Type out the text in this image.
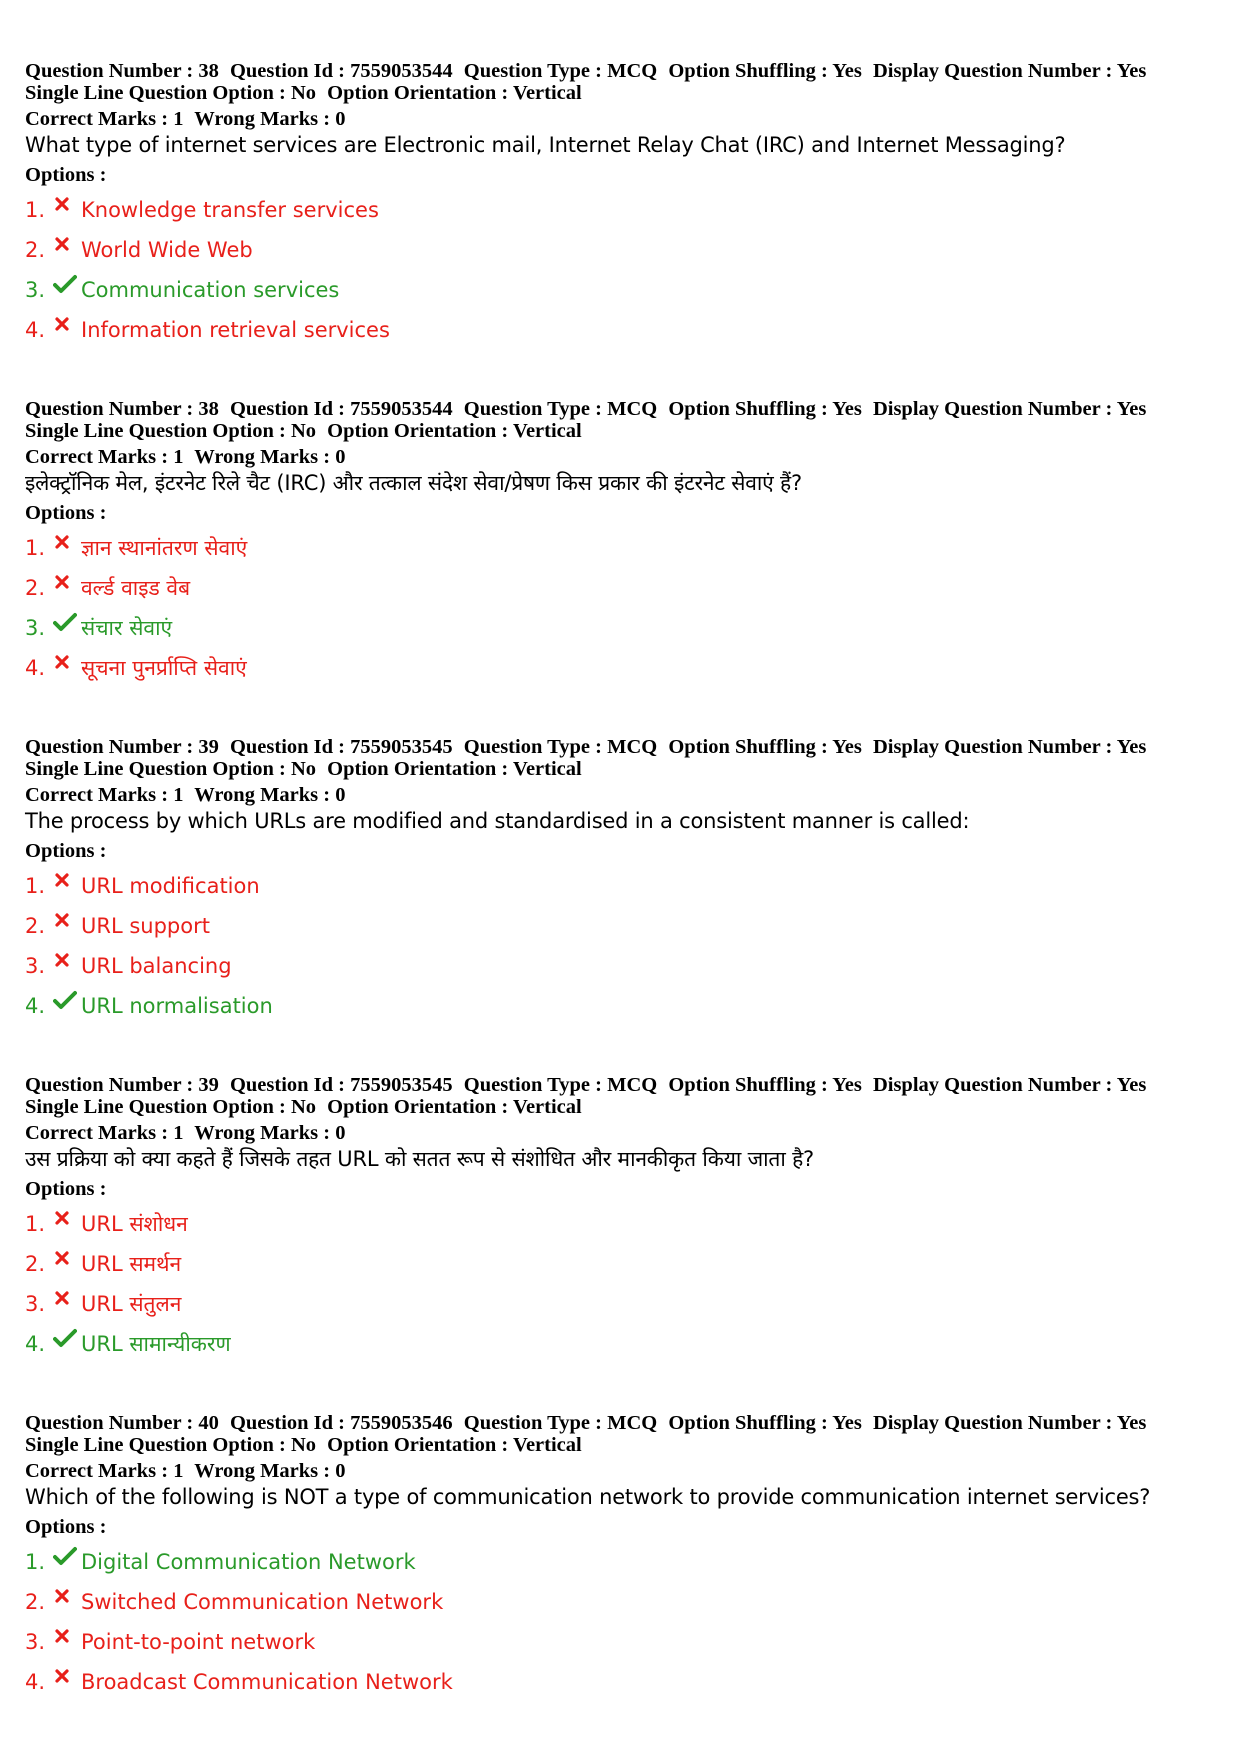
Question Number : 38 Question Id : 7559053544 Question Type : MCQ Option Shuffling : Yes Display Question Number : Yes
Single Line Question Option : No Option Orientation : Vertical
Correct Marks : 1 Wrong Marks : 0
What type of internet services are Electronic mail, Internet Relay Chat (IRC) and Internet Messaging?
Options :
1.	Knowledge transfer services
2.	World Wide Web
3.	Communication services
4.	Information retrieval services
Question Number : 38 Question Id : 7559053544 Question Type : MCQ Option Shuffling : Yes Display Question Number : Yes
Single Line Question Option : No Option Orientation : Vertical
Correct Marks : 1 Wrong Marks : 0
इलेक्ट्रॉनिक मेल, इंटरनेट रिले चैट (IRC) और तत्काल संदेश सेवा/प्रेषण किस प्रकार की इंटरनेट सेवाएं हैं?
Options :
1.	ज्ञान स्थानांतरण सेवाएं
2.	वर्ल्ड वाइड वेब
3.	संचार सेवाएं
4.	सूचना पुनर्प्राप्ति सेवाएं
Question Number : 39 Question Id : 7559053545 Question Type : MCQ Option Shuffling : Yes Display Question Number : Yes
Single Line Question Option : No Option Orientation : Vertical
Correct Marks : 1 Wrong Marks : 0
The process by which URLs are modified and standardised in a consistent manner is called:
Options :
1.	URL modification
2.	URL support
3.	URL balancing
4.	URL normalisation
Question Number : 39 Question Id : 7559053545 Question Type : MCQ Option Shuffling : Yes Display Question Number : Yes
Single Line Question Option : No Option Orientation : Vertical
Correct Marks : 1 Wrong Marks : 0
उस प्रक्रिया को क्या कहते हैं जिसके तहत URL को सतत रूप से संशोधित और मानकीकृत किया जाता है?
Options :
1.	URL संशोधन
2.	URL समर्थन
3.	URL संतुलन
4.	URL सामान्यीकरण
Question Number : 40 Question Id : 7559053546 Question Type : MCQ Option Shuffling : Yes Display Question Number : Yes
Single Line Question Option : No Option Orientation : Vertical
Correct Marks : 1 Wrong Marks : 0
Which of the following is NOT a type of communication network to provide communication internet services?
Options :
1.	Digital Communication Network
2.	Switched Communication Network
3.	Point-to-point network
4.	Broadcast Communication Network
